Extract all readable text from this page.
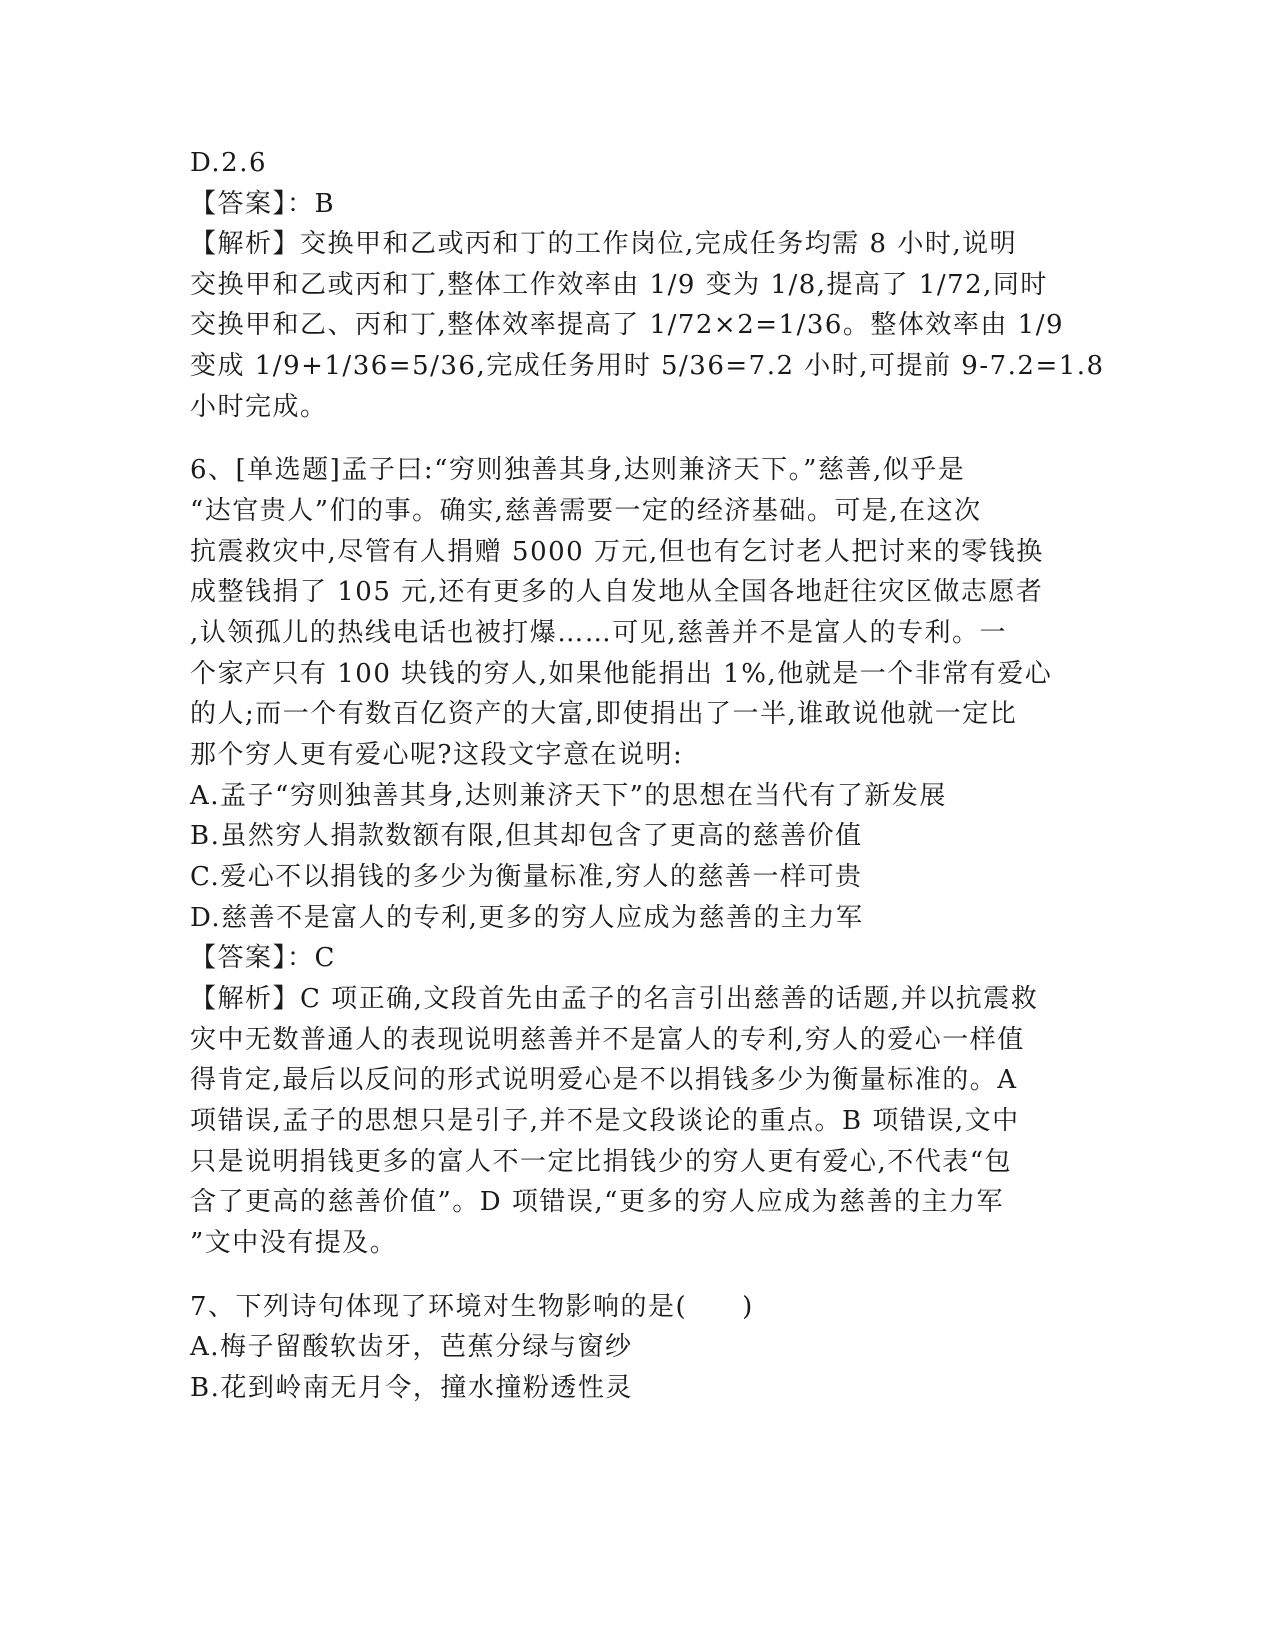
D.2.6
【答案】：B
【解析】交换甲和乙或丙和丁的工作岗位,完成任务均需 8 小时,说明
交换甲和乙或丙和丁,整体工作效率由 1/9 变为 1/8,提高了 1/72,同时
交换甲和乙、丙和丁,整体效率提高了 1/72×2=1/36。整体效率由 1/9
变成 1/9+1/36=5/36,完成任务用时 5/36=7.2 小时,可提前 9-7.2=1.8
小时完成。
6、[单选题]孟子曰:“穷则独善其身,达则兼济天下。”慈善,似乎是
“达官贵人”们的事。确实,慈善需要一定的经济基础。可是,在这次
抗震救灾中,尽管有人捐赠 5000 万元,但也有乞讨老人把讨来的零钱换
成整钱捐了 105 元,还有更多的人自发地从全国各地赶往灾区做志愿者
,认领孤儿的热线电话也被打爆……可见,慈善并不是富人的专利。一
个家产只有 100 块钱的穷人,如果他能捐出 1%,他就是一个非常有爱心
的人;而一个有数百亿资产的大富,即使捐出了一半,谁敢说他就一定比
那个穷人更有爱心呢?这段文字意在说明:
A.孟子“穷则独善其身,达则兼济天下”的思想在当代有了新发展
B.虽然穷人捐款数额有限,但其却包含了更高的慈善价值
C.爱心不以捐钱的多少为衡量标准,穷人的慈善一样可贵
D.慈善不是富人的专利,更多的穷人应成为慈善的主力军
【答案】：C
【解析】C 项正确,文段首先由孟子的名言引出慈善的话题,并以抗震救
灾中无数普通人的表现说明慈善并不是富人的专利,穷人的爱心一样值
得肯定,最后以反问的形式说明爱心是不以捐钱多少为衡量标准的。A
项错误,孟子的思想只是引子,并不是文段谈论的重点。B 项错误,文中
只是说明捐钱更多的富人不一定比捐钱少的穷人更有爱心,不代表“包
含了更高的慈善价值”。D 项错误,“更多的穷人应成为慈善的主力军
”文中没有提及。
7、下列诗句体现了环境对生物影响的是(　　)
A.梅子留酸软齿牙，芭蕉分绿与窗纱
B.花到岭南无月令，撞水撞粉透性灵
